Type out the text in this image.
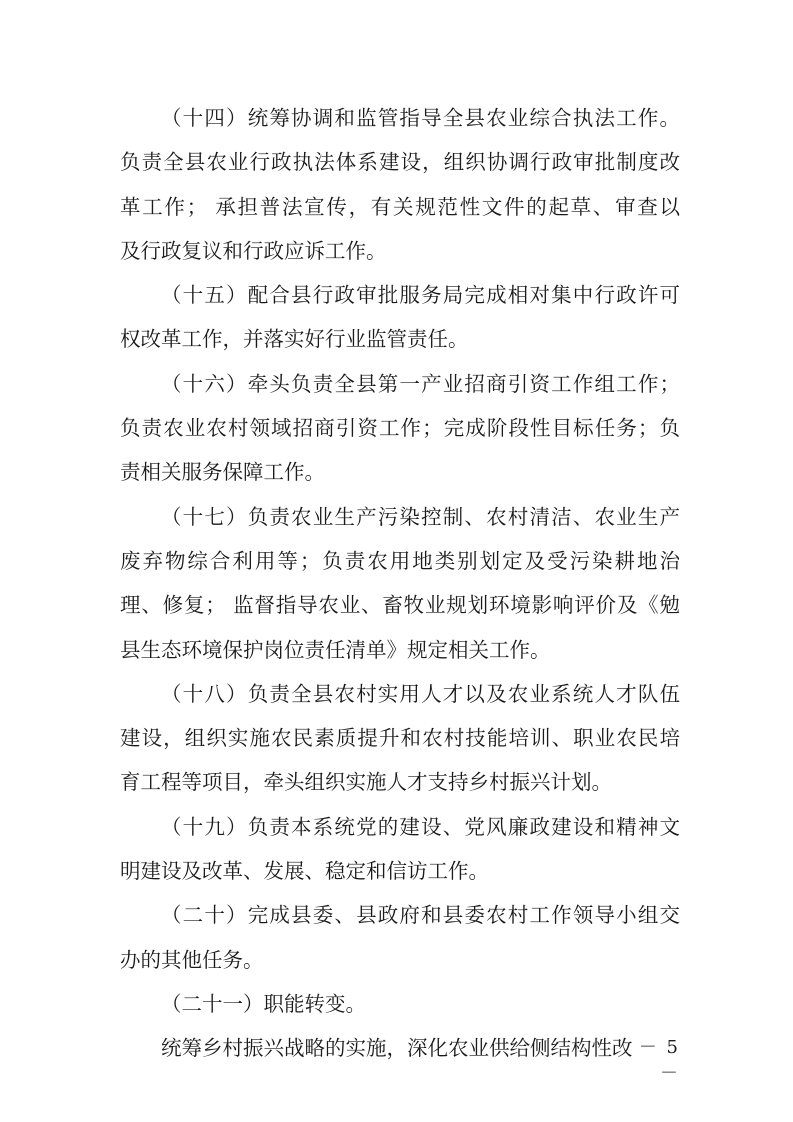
（十四）统筹协调和监管指导全县农业综合执法工作。
负责全县农业行政执法体系建设，组织协调行政审批制度改
革工作； 承担普法宣传，有关规范性文件的起草、审查以
及行政复议和行政应诉工作。
（十五）配合县行政审批服务局完成相对集中行政许可
权改革工作，并落实好行业监管责任。
（十六）牵头负责全县第一产业招商引资工作组工作；
负责农业农村领域招商引资工作；完成阶段性目标任务；负
责相关服务保障工作。
（十七）负责农业生产污染控制、农村清洁、农业生产
废弃物综合利用等；负责农用地类别划定及受污染耕地治
理、修复； 监督指导农业、畜牧业规划环境影响评价及《勉
县生态环境保护岗位责任清单》规定相关工作。
（十八）负责全县农村实用人才以及农业系统人才队伍
建设，组织实施农民素质提升和农村技能培训、职业农民培
育工程等项目，牵头组织实施人才支持乡村振兴计划。
（十九）负责本系统党的建设、党风廉政建设和精神文
明建设及改革、发展、稳定和信访工作。
（二十）完成县委、县政府和县委农村工作领导小组交
办的其他任务。
（二十一）职能转变。
统筹乡村振兴战略的实施，深化农业供给侧结构性改 － 5 －
